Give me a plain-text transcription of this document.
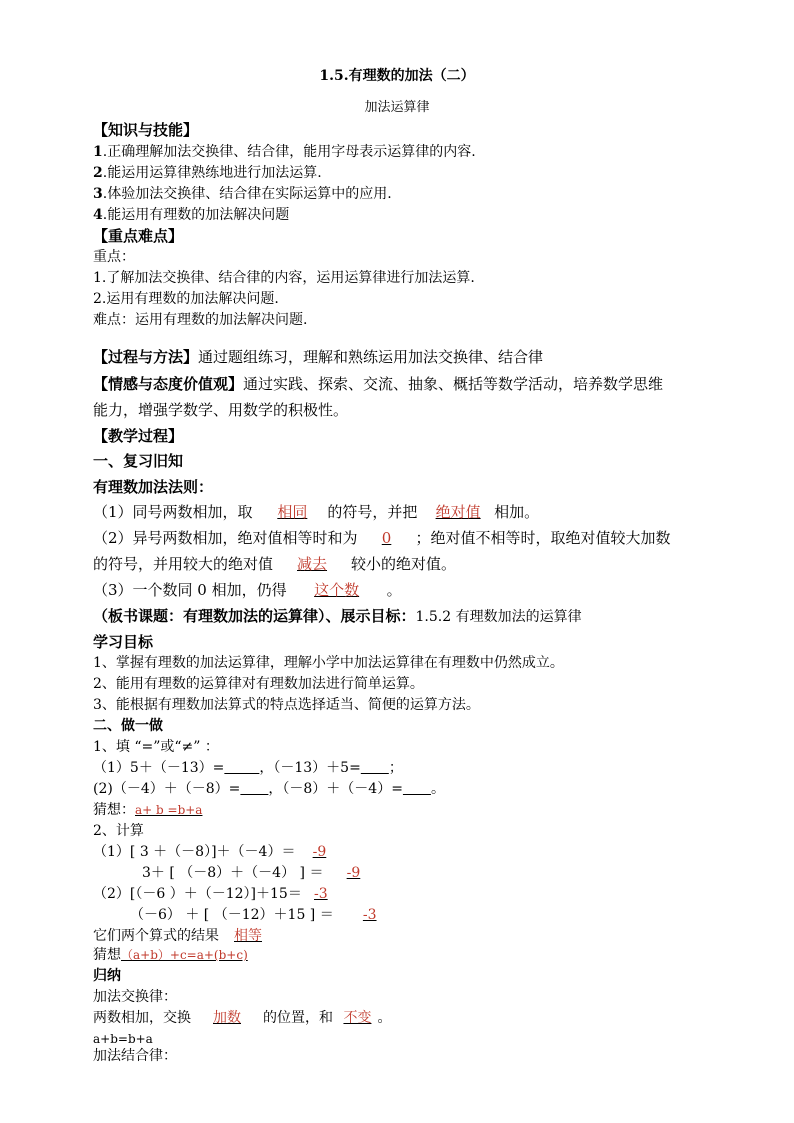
1.5.有理数的加法（二）
加法运算律
【知识与技能】
1.正确理解加法交换律、结合律，能用字母表示运算律的内容.
2.能运用运算律熟练地进行加法运算.
3.体验加法交换律、结合律在实际运算中的应用.
4.能运用有理数的加法解决问题
【重点难点】
重点：
1.了解加法交换律、结合律的内容，运用运算律进行加法运算.
2.运用有理数的加法解决问题.
难点：运用有理数的加法解决问题.
【过程与方法】通过题组练习，理解和熟练运用加法交换律、结合律
【情感与态度价值观】通过实践、探索、交流、抽象、概括等数学活动，培养数学思维
能力，增强学数学、用数学的积极性。
【教学过程】
一、复习旧知
有理数加法法则：
（1）同号两数相加，取 相同 的符号，并把 绝对值 相加。
（2）异号两数相加，绝对值相等时和为 0 ；绝对值不相等时，取绝对值较大加数
的符号，并用较大的绝对值 减去 较小的绝对值。
（3）一个数同 0 相加，仍得 这个数 。
（板书课题：有理数加法的运算律）、展示目标：1.5.2 有理数加法的运算律
学习目标
1、掌握有理数的加法运算律，理解小学中加法运算律在有理数中仍然成立。
2、能用有理数的运算律对有理数加法进行简单运算。
3、能根据有理数加法算式的特点选择适当、简便的运算方法。
二、做一做
1、填 “=”或“≠” ：
（1）5＋（－13）=   	，（－13）＋5=   ；
(2)（－4）＋（－8）=   ，（－8）＋（－4）=   。
猜想：a+ b =b+a
2、计算
（1）[ 3 ＋（－8）]＋（－4）＝ -9
3＋ [ （－8）＋（－4） ] ＝ -9
（2）[（－6 ）＋（－12）]＋15＝ -3
（－6） ＋ [ （－12）＋15 ] ＝ -3
它们两个算式的结果 相等
猜想（a+b）+c=a+(b+c)
归纳
加法交换律：
两数相加，交换 加数 的位置，和 不变 。
a+b=b+a
加法结合律：
